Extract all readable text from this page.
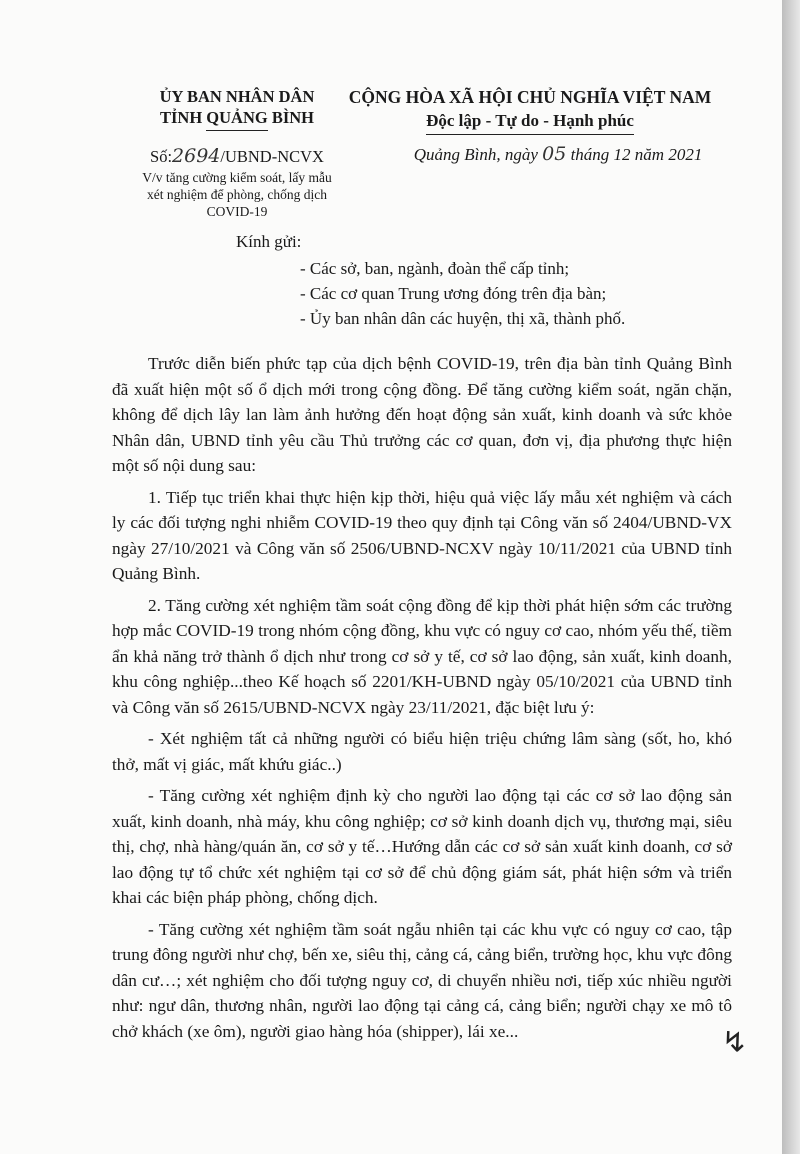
ỦY BAN NHÂN DÂN
TỈNH QUẢNG BÌNH
Số:2694/UBND-NCVX
V/v tăng cường kiểm soát, lấy mẫu
xét nghiệm để phòng, chống dịch
COVID-19
CỘNG HÒA XÃ HỘI CHỦ NGHĨA VIỆT NAM
Độc lập - Tự do - Hạnh phúc
Quảng Bình, ngày 05 tháng 12 năm 2021
Kính gửi:
- Các sở, ban, ngành, đoàn thể cấp tỉnh;
- Các cơ quan Trung ương đóng trên địa bàn;
- Ủy ban nhân dân các huyện, thị xã, thành phố.

Trước diễn biến phức tạp của dịch bệnh COVID-19, trên địa bàn tỉnh Quảng Bình đã xuất hiện một số ổ dịch mới trong cộng đồng. Để tăng cường kiểm soát, ngăn chặn, không để dịch lây lan làm ảnh hưởng đến hoạt động sản xuất, kinh doanh và sức khỏe Nhân dân, UBND tỉnh yêu cầu Thủ trưởng các cơ quan, đơn vị, địa phương thực hiện một số nội dung sau:

1. Tiếp tục triển khai thực hiện kịp thời, hiệu quả việc lấy mẫu xét nghiệm và cách ly các đối tượng nghi nhiễm COVID-19 theo quy định tại Công văn số 2404/UBND-VX ngày 27/10/2021 và Công văn số 2506/UBND-NCXV ngày 10/11/2021 của UBND tỉnh Quảng Bình.

2. Tăng cường xét nghiệm tầm soát cộng đồng để kịp thời phát hiện sớm các trường hợp mắc COVID-19 trong nhóm cộng đồng, khu vực có nguy cơ cao, nhóm yếu thế, tiềm ẩn khả năng trở thành ổ dịch như trong cơ sở y tế, cơ sở lao động, sản xuất, kinh doanh, khu công nghiệp...theo Kế hoạch số 2201/KH-UBND ngày 05/10/2021 của UBND tỉnh và Công văn số 2615/UBND-NCVX ngày 23/11/2021, đặc biệt lưu ý:

- Xét nghiệm tất cả những người có biểu hiện triệu chứng lâm sàng (sốt, ho, khó thở, mất vị giác, mất khứu giác..)

- Tăng cường xét nghiệm định kỳ cho người lao động tại các cơ sở lao động sản xuất, kinh doanh, nhà máy, khu công nghiệp; cơ sở kinh doanh dịch vụ, thương mại, siêu thị, chợ, nhà hàng/quán ăn, cơ sở y tế…Hướng dẫn các cơ sở sản xuất kinh doanh, cơ sở lao động tự tổ chức xét nghiệm tại cơ sở để chủ động giám sát, phát hiện sớm và triển khai các biện pháp phòng, chống dịch.

- Tăng cường xét nghiệm tầm soát ngẫu nhiên tại các khu vực có nguy cơ cao, tập trung đông người như chợ, bến xe, siêu thị, cảng cá, cảng biển, trường học, khu vực đông dân cư…; xét nghiệm cho đối tượng nguy cơ, di chuyển nhiều nơi, tiếp xúc nhiều người như: ngư dân, thương nhân, người lao động tại cảng cá, cảng biển; người chạy xe mô tô chở khách (xe ôm), người giao hàng hóa (shipper), lái xe...	↯
